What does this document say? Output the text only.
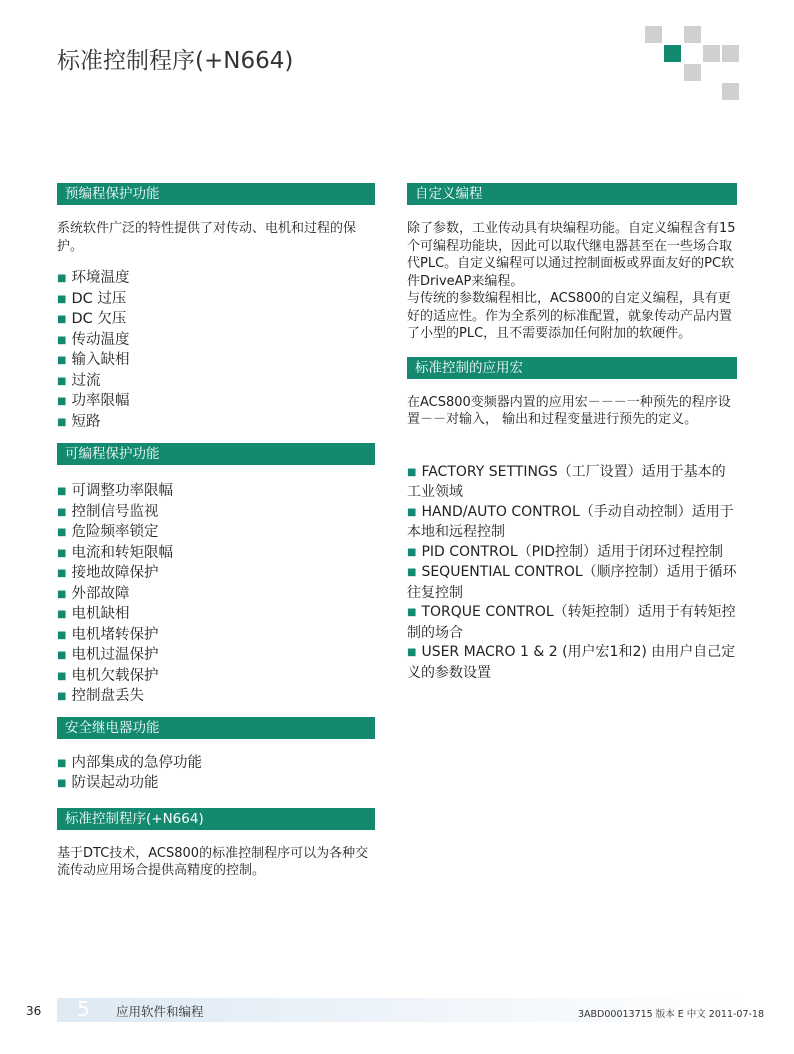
标准控制程序(+N664)
预编程保护功能
系统软件广泛的特性提供了对传动、电机和过程的保护。
■ 环境温度
■ DC 过压
■ DC 欠压
■ 传动温度
■ 输入缺相
■ 过流
■ 功率限幅
■ 短路
可编程保护功能
■ 可调整功率限幅
■ 控制信号监视
■ 危险频率锁定
■ 电流和转矩限幅
■ 接地故障保护
■ 外部故障
■ 电机缺相
■ 电机堵转保护
■ 电机过温保护
■ 电机欠载保护
■ 控制盘丢失
安全继电器功能
■ 内部集成的急停功能
■ 防误起动功能
标准控制程序(+N664)
基于DTC技术，ACS800的标准控制程序可以为各种交流传动应用场合提供高精度的控制。
自定义编程
除了参数，工业传动具有块编程功能。自定义编程含有15个可编程功能块，因此可以取代继电器甚至在一些场合取代PLC。自定义编程可以通过控制面板或界面友好的PC软件DriveAP来编程。
与传统的参数编程相比，ACS800的自定义编程，具有更好的适应性。作为全系列的标准配置，就象传动产品内置了小型的PLC，且不需要添加任何附加的软硬件。
标准控制的应用宏
在ACS800变频器内置的应用宏－－－一种预先的程序设置－－对输入， 输出和过程变量进行预先的定义。
■ FACTORY SETTINGS（工厂设置）适用于基本的工业领域
■ HAND/AUTO CONTROL（手动自动控制）适用于本地和远程控制
■ PID CONTROL（PID控制）适用于闭环过程控制
■ SEQUENTIAL CONTROL（顺序控制）适用于循环往复控制
■ TORQUE CONTROL（转矩控制）适用于有转矩控制的场合
■ USER MACRO 1 & 2 (用户宏1和2) 由用户自己定义的参数设置
36 5 应用软件和编程	3ABD00013715 版本 E 中文 2011-07-18
